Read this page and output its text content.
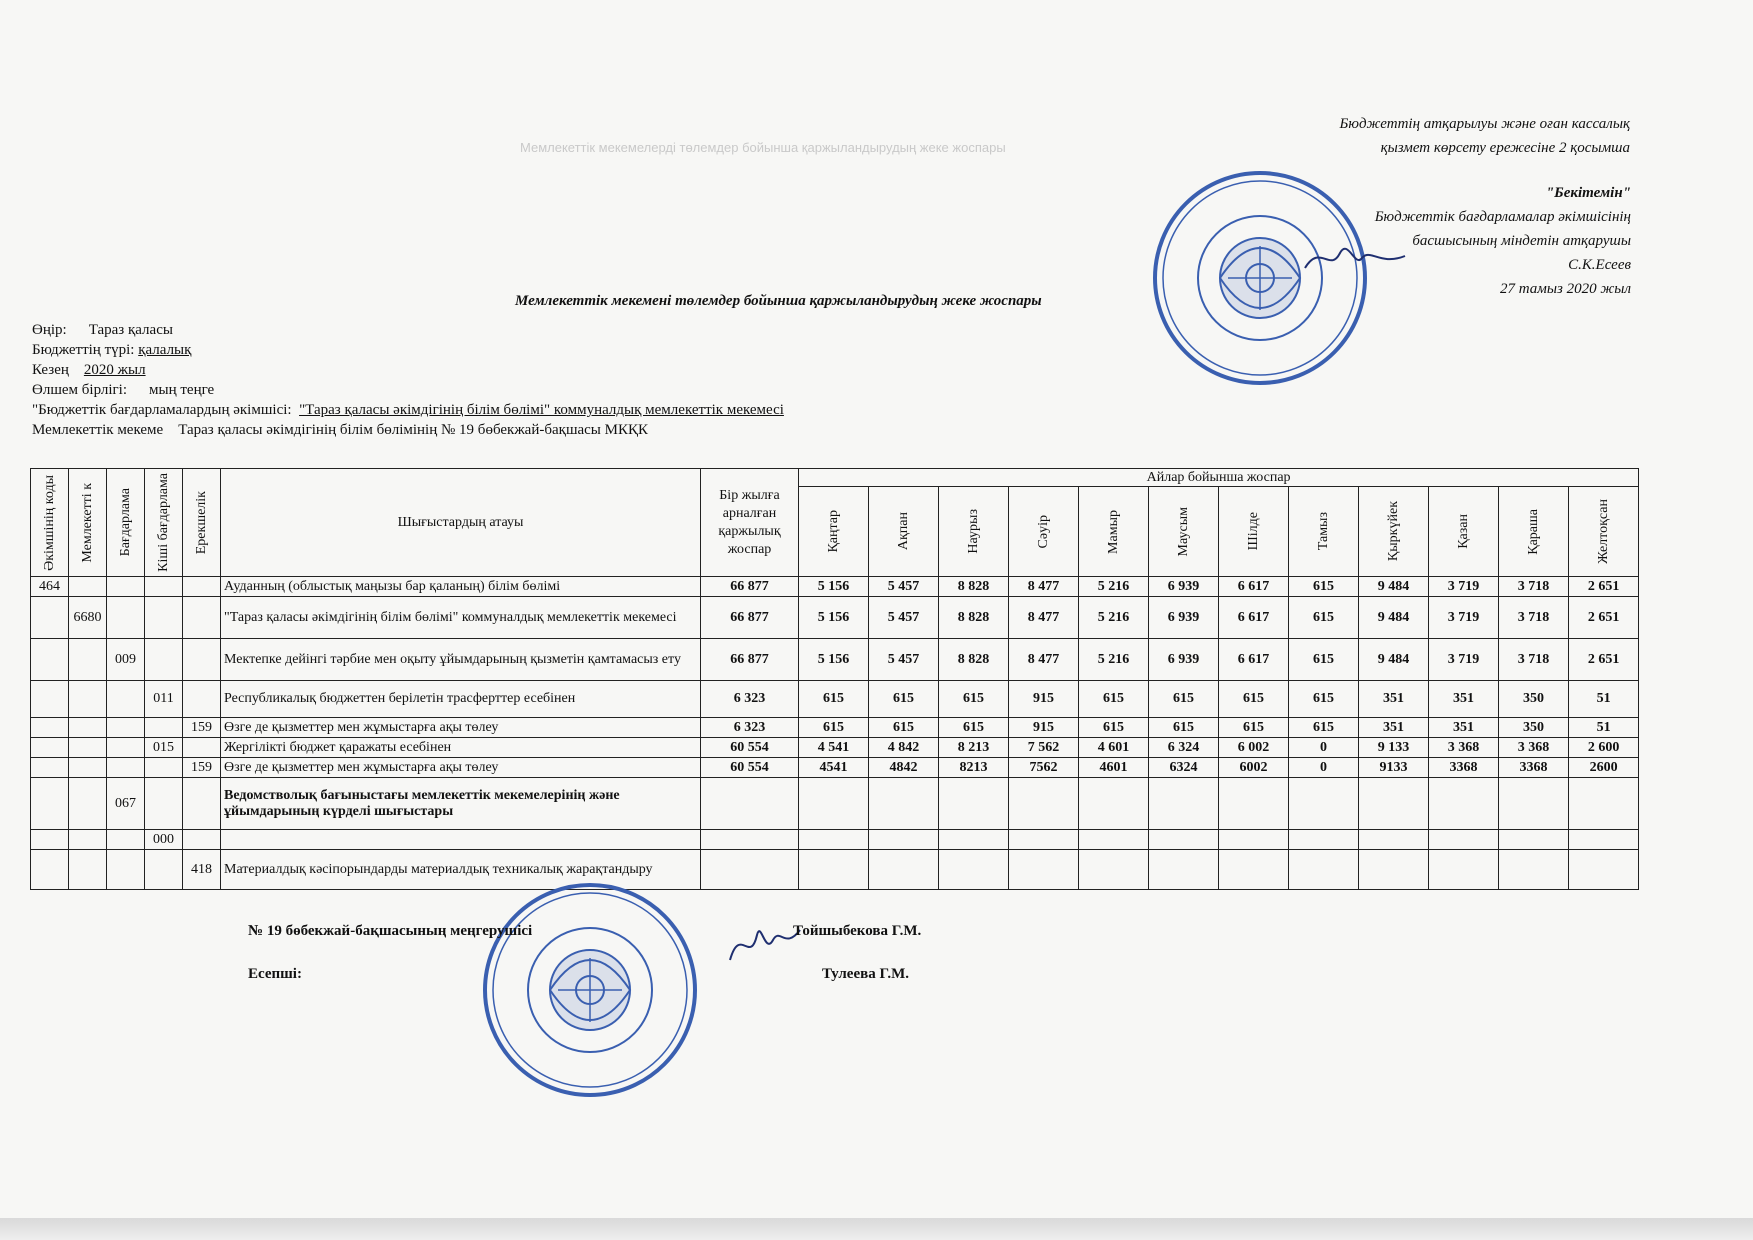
Мемлекеттік мекемелерді төлемдер бойынша қаржыландырудың жеке жоспары
Бюджеттің атқарылуы және оған кассалық
қызмет көрсету ережесіне 2 қосымша
"Бекітемін"
Бюджеттік бағдарламалар әкімшісінің
басшысының міндетін атқарушы
С.К.Есеев
27 тамыз 2020 жыл
Мемлекеттік мекемені төлемдер бойынша қаржыландырудың жеке жоспары
Өңір: Тараз қаласы
Бюджеттің түрі: қалалық
Кезең 2020 жыл
Өлшем бірлігі: мың теңге
"Бюджеттік бағдарламалардың әкімшісі: "Тараз қаласы әкімдігінің білім бөлімі" коммуналдық мемлекеттік мекемесі
Мемлекеттік мекеме Тараз қаласы әкімдігінің білім бөлімінің № 19 бөбекжай-бақшасы МКҚК
Әкімшінің коды	Мемлекетті к	Бағдарлама	Кіші бағдарлама	Ерекшелік	Шығыстардың атауы	Бір жылға арналған қаржылық жоспар	Айлар бойынша жоспар											

							Қаңтар	Ақпан	Наурыз	Сәуір	Мамыр	Маусым	Шілде	Тамыз	Қыркүйек	Қазан	Қараша	Желтоқсан

464					Ауданның (облыстық маңызы бар қаланың) білім бөлімі	66 877	5 156	5 457	8 828	8 477	5 216	6 939	6 617	615	9 484	3 719	3 718	2 651
	6680				"Тараз қаласы әкімдігінің білім бөлімі" коммуналдық мемлекеттік мекемесі	66 877	5 156	5 457	8 828	8 477	5 216	6 939	6 617	615	9 484	3 719	3 718	2 651
		009			Мектепке дейінгі тәрбие мен оқыту ұйымдарының қызметін қамтамасыз ету	66 877	5 156	5 457	8 828	8 477	5 216	6 939	6 617	615	9 484	3 719	3 718	2 651
			011		Республикалық бюджеттен берілетін трасферттер есебінен	6 323	615	615	615	915	615	615	615	615	351	351	350	51
				159	Өзге де қызметтер мен жұмыстарға ақы төлеу	6 323	615	615	615	915	615	615	615	615	351	351	350	51
			015		Жергілікті бюджет қаражаты есебінен	60 554	4 541	4 842	8 213	7 562	4 601	6 324	6 002	0	9 133	3 368	3 368	2 600
				159	Өзге де қызметтер мен жұмыстарға ақы төлеу	60 554	4541	4842	8213	7562	4601	6324	6002	0	9133	3368	3368	2600
		067			Ведомстволық бағыныстағы мемлекеттік мекемелерінің және ұйымдарының күрделі шығыстары													
			000															
				418	Материалдық кәсіпорындарды материалдық техникалық жарақтандыру													
№ 19 бөбекжай-бақшасының меңгерушісі	Тойшыбекова Г.М.
Есепші:	Тулеева Г.М.
